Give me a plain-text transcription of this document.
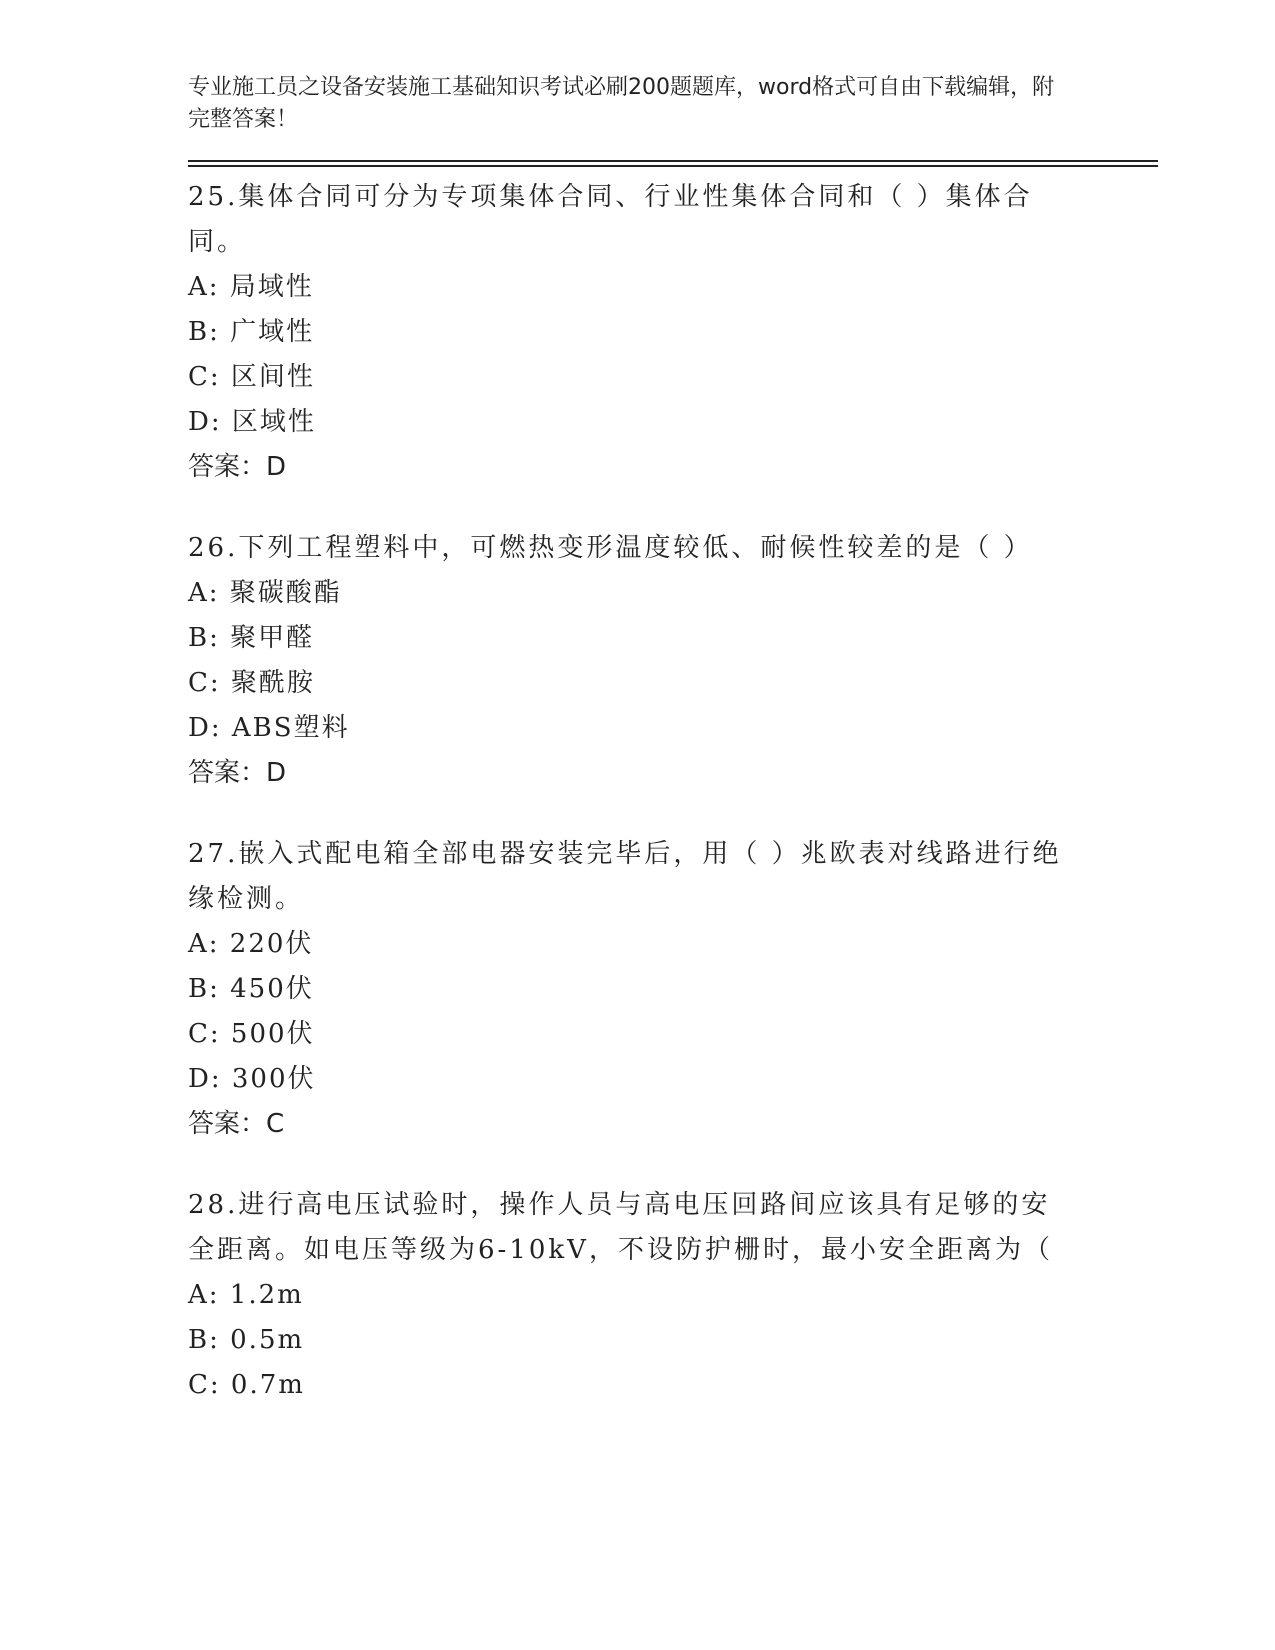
专业施工员之设备安装施工基础知识考试必刷200题题库，word格式可自由下载编辑，附完整答案！
25.集体合同可分为专项集体合同、行业性集体合同和（ ）集体合同。
A: 局域性
B: 广域性
C: 区间性
D: 区域性
答案：D
26.下列工程塑料中，可燃热变形温度较低、耐候性较差的是（ ）
A: 聚碳酸酯
B: 聚甲醛
C: 聚酰胺
D: ABS塑料
答案：D
27.嵌入式配电箱全部电器安装完毕后，用（ ）兆欧表对线路进行绝缘检测。
A: 220伏
B: 450伏
C: 500伏
D: 300伏
答案：C
28.进行高电压试验时，操作人员与高电压回路间应该具有足够的安全距离。如电压等级为6-10kV，不设防护栅时，最小安全距离为（
A: 1.2m
B: 0.5m
C: 0.7m
